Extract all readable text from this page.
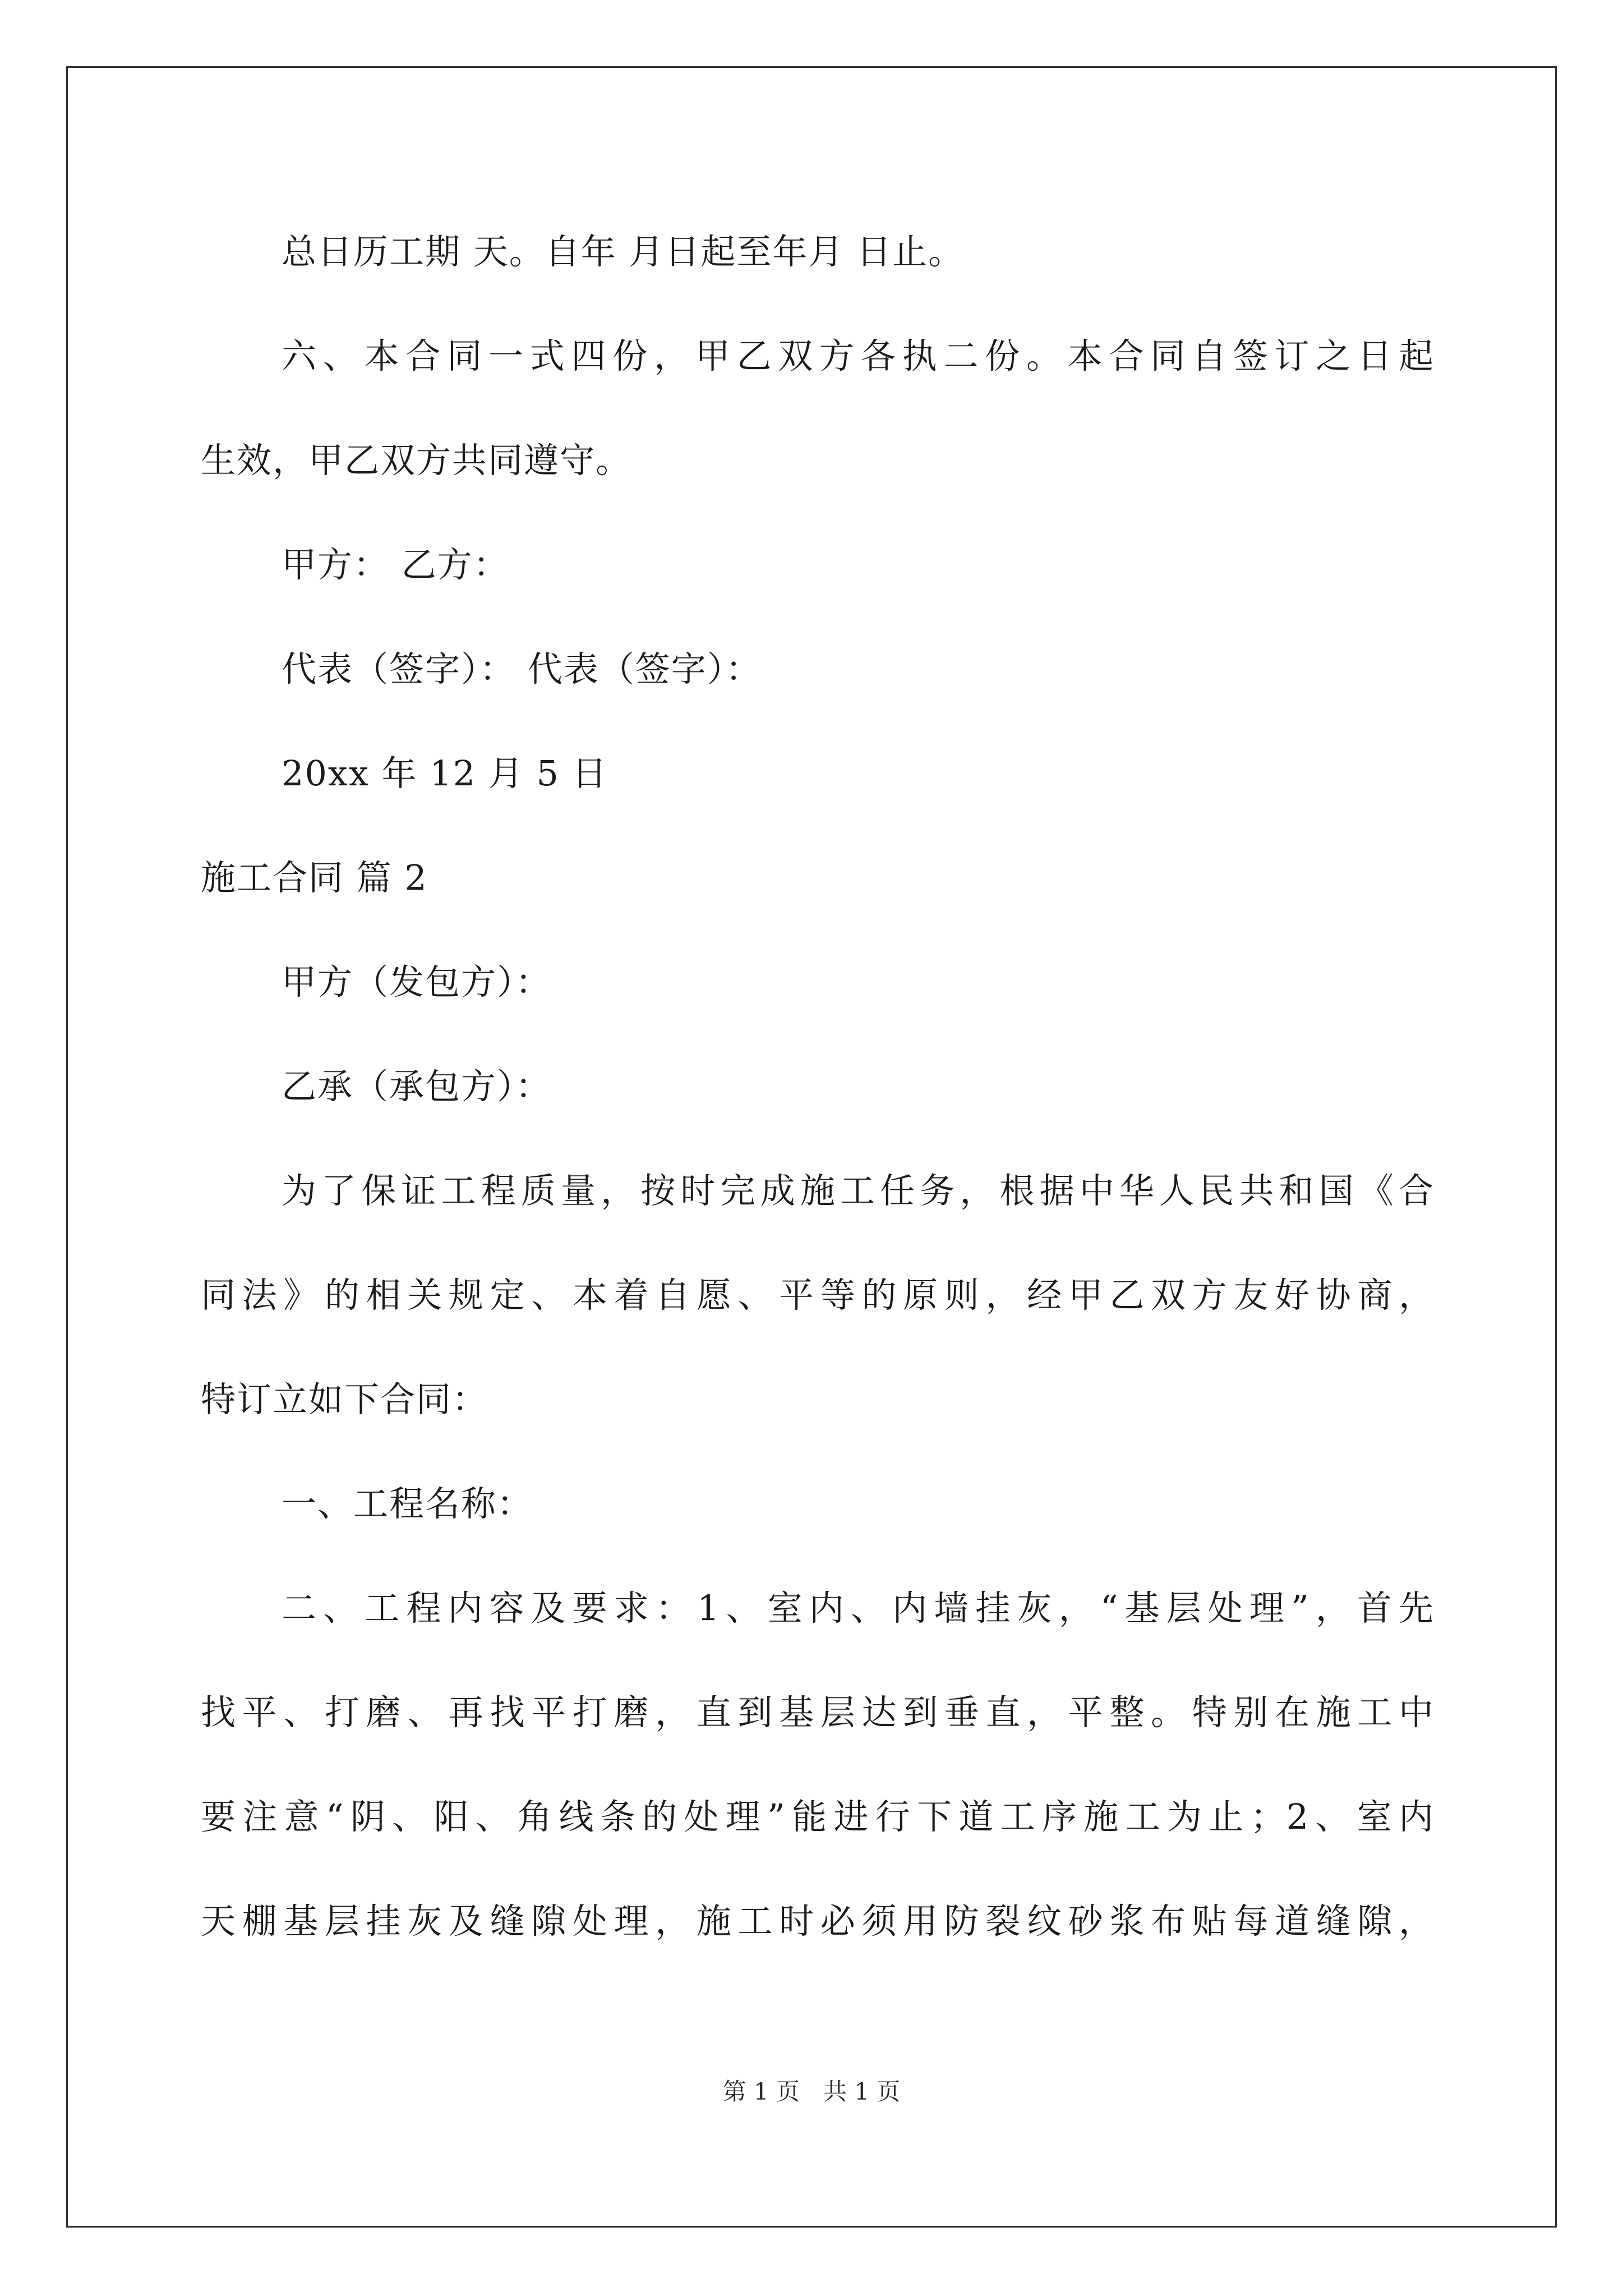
总日历工期 天。自年 月日起至年月 日止。
六、本合同一式四份，甲乙双方各执二份。本合同自签订之日起
生效，甲乙双方共同遵守。
甲方： 乙方：
代表（签字）： 代表（签字）：
20xx 年 12 月 5 日
施工合同 篇 2
甲方（发包方）：
乙承（承包方）：
为了保证工程质量，按时完成施工任务，根据中华人民共和国《合
同法》的相关规定、本着自愿、平等的原则，经甲乙双方友好协商，
特订立如下合同：
一、工程名称：
二、工程内容及要求：1、室内、内墙挂灰，“基层处理”，首先
找平、打磨、再找平打磨，直到基层达到垂直，平整。特别在施工中
要注意“阴、阳、角线条的处理”能进行下道工序施工为止；2、室内
天棚基层挂灰及缝隙处理，施工时必须用防裂纹砂浆布贴每道缝隙，
第 1 页　共 1 页
